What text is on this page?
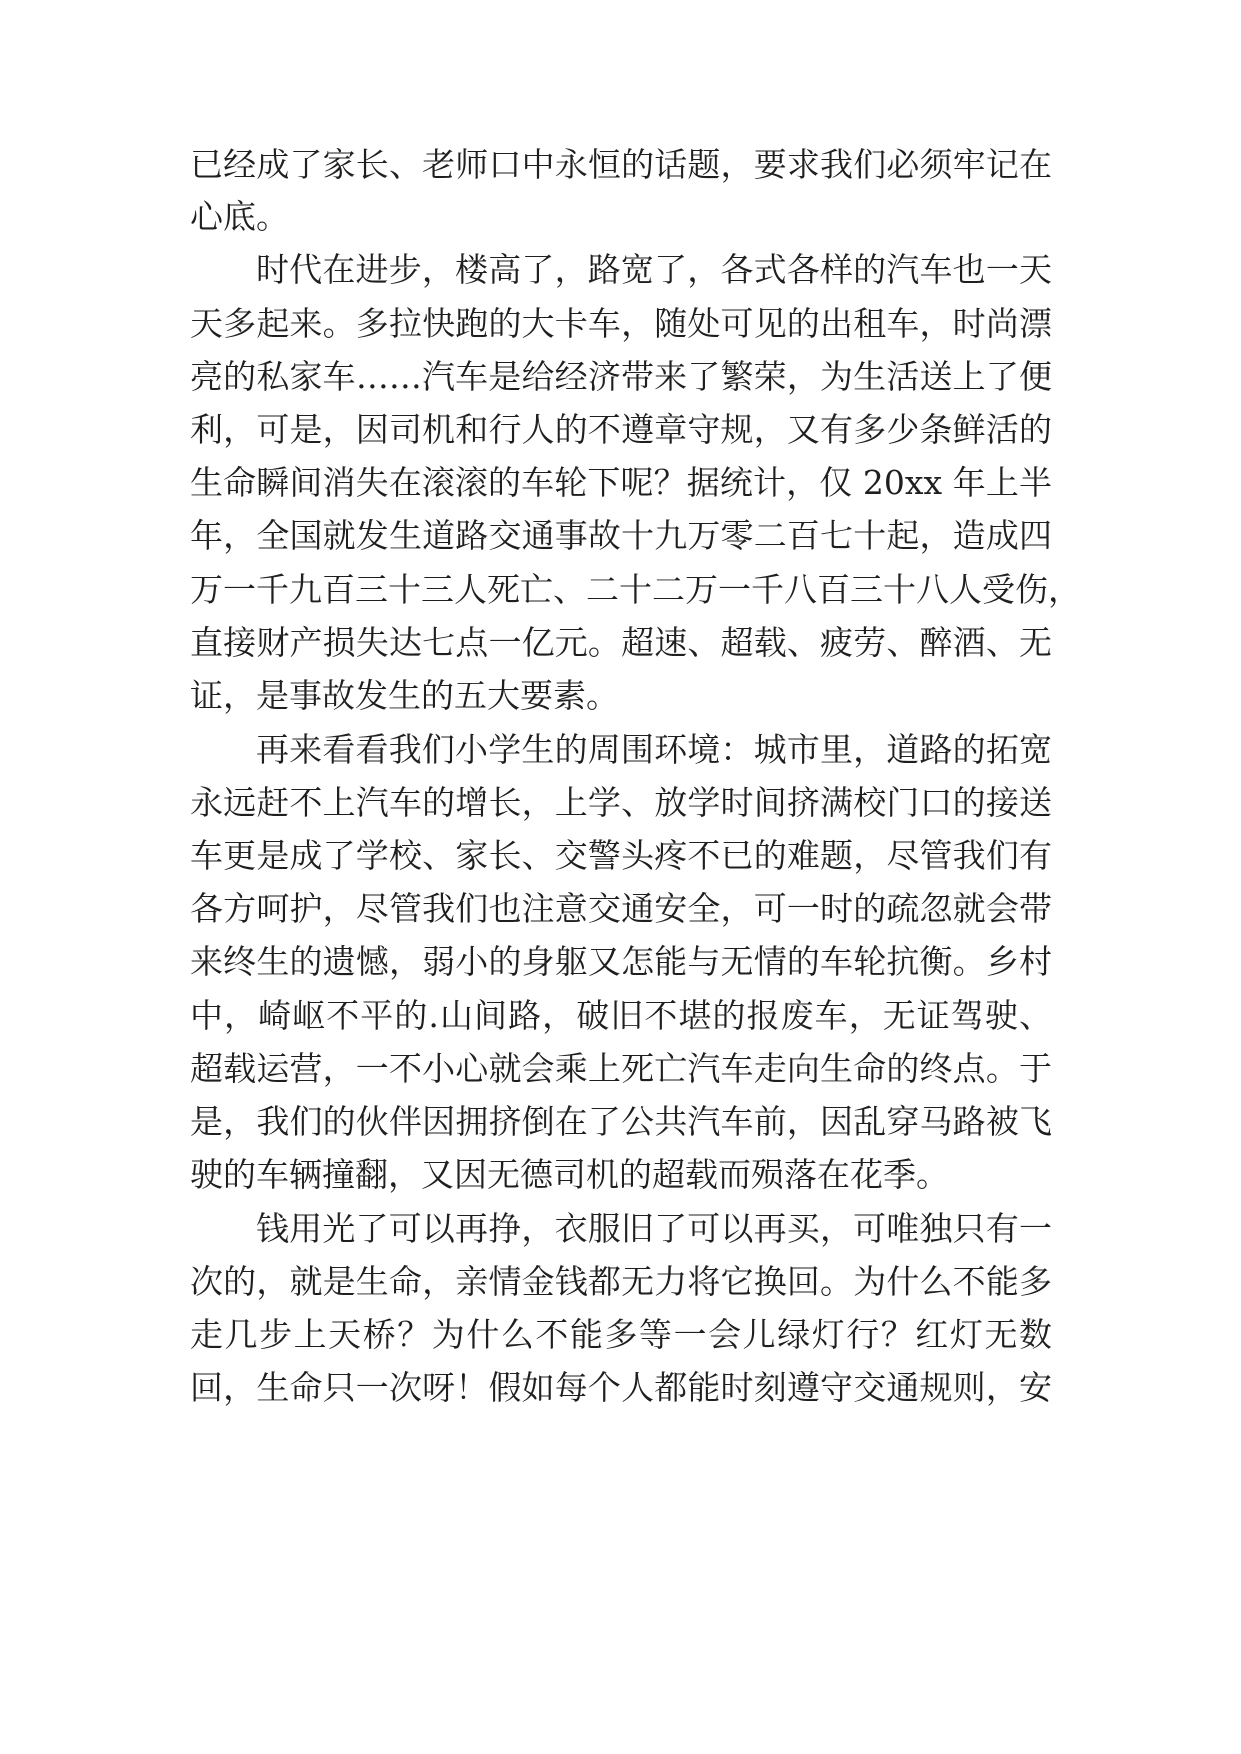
已经成了家长、老师口中永恒的话题，要求我们必须牢记在
心底。
时代在进步，楼高了，路宽了，各式各样的汽车也一天
天多起来。多拉快跑的大卡车，随处可见的出租车，时尚漂
亮的私家车……汽车是给经济带来了繁荣，为生活送上了便
利，可是，因司机和行人的不遵章守规，又有多少条鲜活的
生命瞬间消失在滚滚的车轮下呢？据统计，仅 20xx 年上半
年，全国就发生道路交通事故十九万零二百七十起，造成四
万一千九百三十三人死亡、二十二万一千八百三十八人受伤，
直接财产损失达七点一亿元。超速、超载、疲劳、醉酒、无
证，是事故发生的五大要素。
再来看看我们小学生的周围环境：城市里，道路的拓宽
永远赶不上汽车的增长，上学、放学时间挤满校门口的接送
车更是成了学校、家长、交警头疼不已的难题，尽管我们有
各方呵护，尽管我们也注意交通安全，可一时的疏忽就会带
来终生的遗憾，弱小的身躯又怎能与无情的车轮抗衡。乡村
中，崎岖不平的.山间路，破旧不堪的报废车，无证驾驶、
超载运营，一不小心就会乘上死亡汽车走向生命的终点。于
是，我们的伙伴因拥挤倒在了公共汽车前，因乱穿马路被飞
驶的车辆撞翻，又因无德司机的超载而殒落在花季。
钱用光了可以再挣，衣服旧了可以再买，可唯独只有一
次的，就是生命，亲情金钱都无力将它换回。为什么不能多
走几步上天桥？为什么不能多等一会儿绿灯行？红灯无数
回，生命只一次呀！假如每个人都能时刻遵守交通规则，安
